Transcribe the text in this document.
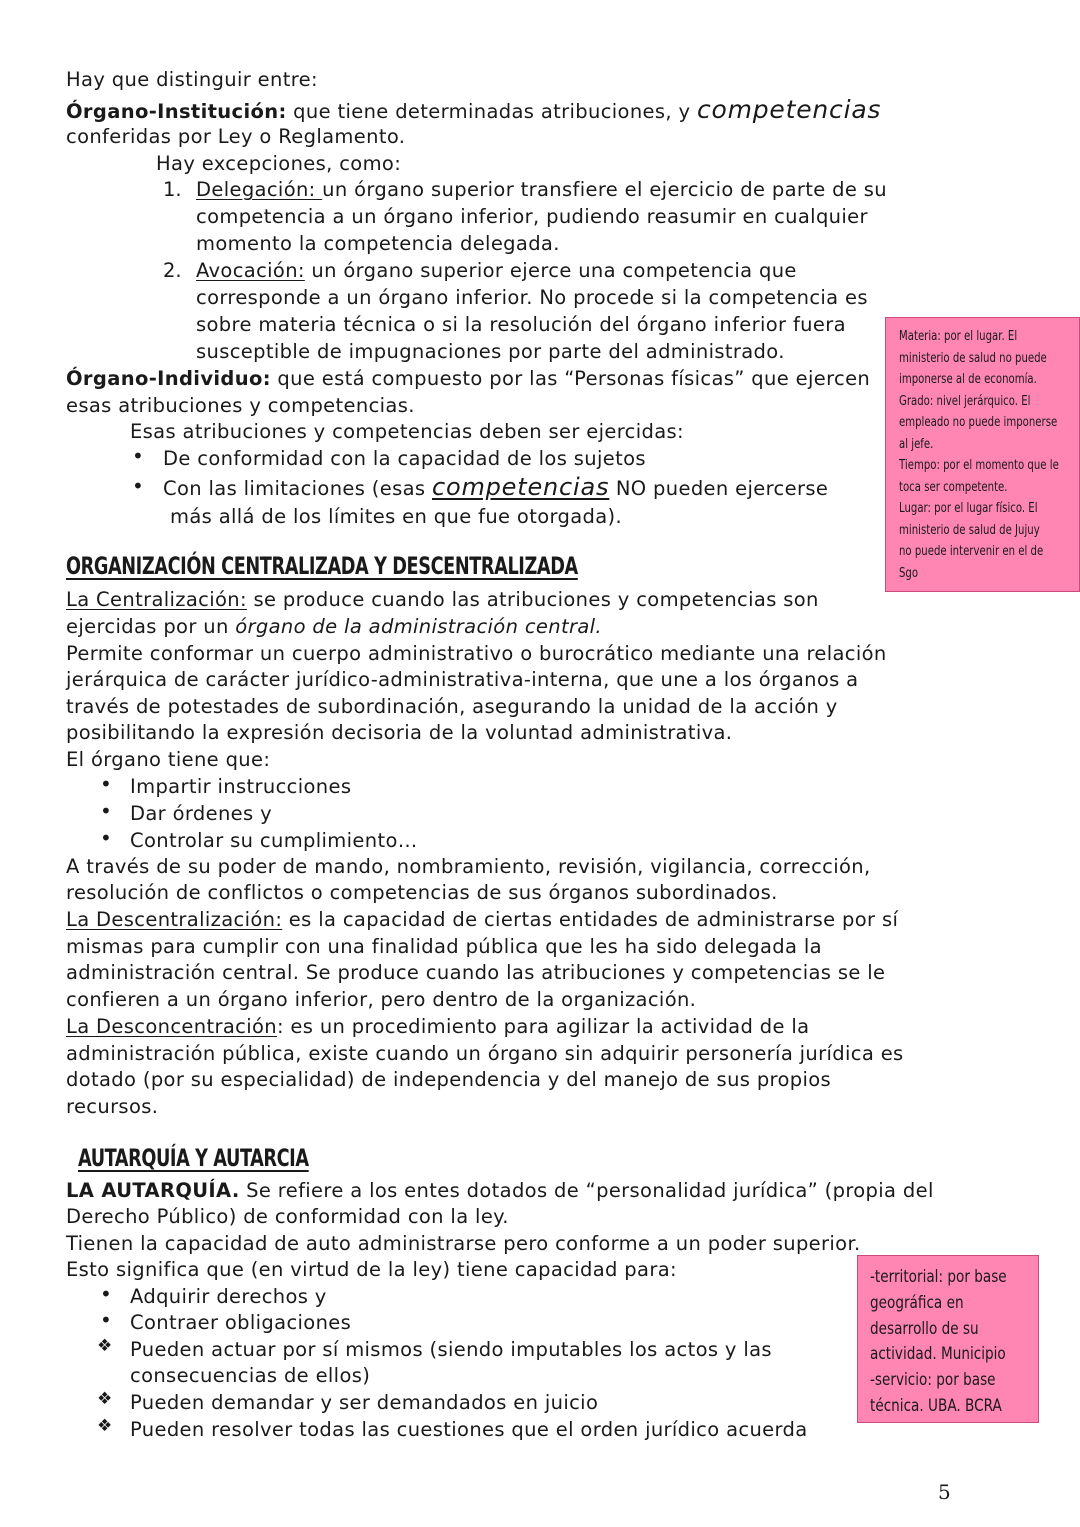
Hay que distinguir entre:
Órgano-Institución: que tiene determinadas atribuciones, y competencias
conferidas por Ley o Reglamento.
Hay excepciones, como:
1. Delegación: un órgano superior transfiere el ejercicio de parte de su
competencia a un órgano inferior, pudiendo reasumir en cualquier
momento la competencia delegada.
2. Avocación: un órgano superior ejerce una competencia que
corresponde a un órgano inferior. No procede si la competencia es
sobre materia técnica o si la resolución del órgano inferior fuera
susceptible de impugnaciones por parte del administrado.
Órgano-Individuo: que está compuesto por las “Personas físicas” que ejercen
esas atribuciones y competencias.
Esas atribuciones y competencias deben ser ejercidas:
• De conformidad con la capacidad de los sujetos
• Con las limitaciones (esas competencias NO pueden ejercerse
más allá de los límites en que fue otorgada).
ORGANIZACIÓN CENTRALIZADA Y DESCENTRALIZADA
La Centralización: se produce cuando las atribuciones y competencias son
ejercidas por un órgano de la administración central.
Permite conformar un cuerpo administrativo o burocrático mediante una relación
jerárquica de carácter jurídico-administrativa-interna, que une a los órganos a
través de potestades de subordinación, asegurando la unidad de la acción y
posibilitando la expresión decisoria de la voluntad administrativa.
El órgano tiene que:
• Impartir instrucciones
• Dar órdenes y
• Controlar su cumplimiento…
A través de su poder de mando, nombramiento, revisión, vigilancia, corrección,
resolución de conflictos o competencias de sus órganos subordinados.
La Descentralización: es la capacidad de ciertas entidades de administrarse por sí
mismas para cumplir con una finalidad pública que les ha sido delegada la
administración central. Se produce cuando las atribuciones y competencias se le
confieren a un órgano inferior, pero dentro de la organización.
La Desconcentración: es un procedimiento para agilizar la actividad de la
administración pública, existe cuando un órgano sin adquirir personería jurídica es
dotado (por su especialidad) de independencia y del manejo de sus propios
recursos.
AUTARQUÍA Y AUTARCIA
LA AUTARQUÍA. Se refiere a los entes dotados de “personalidad jurídica” (propia del
Derecho Público) de conformidad con la ley.
Tienen la capacidad de auto administrarse pero conforme a un poder superior.
Esto significa que (en virtud de la ley) tiene capacidad para:
• Adquirir derechos y
• Contraer obligaciones
❖ Pueden actuar por sí mismos (siendo imputables los actos y las
consecuencias de ellos)
❖ Pueden demandar y ser demandados en juicio
❖ Pueden resolver todas las cuestiones que el orden jurídico acuerda
Materia: por el lugar. El
ministerio de salud no puede
imponerse al de economía.
Grado: nivel jerárquico. El
empleado no puede imponerse
al jefe.
Tiempo: por el momento que le
toca ser competente.
Lugar: por el lugar físico. El
ministerio de salud de Jujuy
no puede intervenir en el de
Sgo
-territorial: por base
geográfica en
desarrollo de su
actividad. Municipio
-servicio: por base
técnica. UBA. BCRA
5
